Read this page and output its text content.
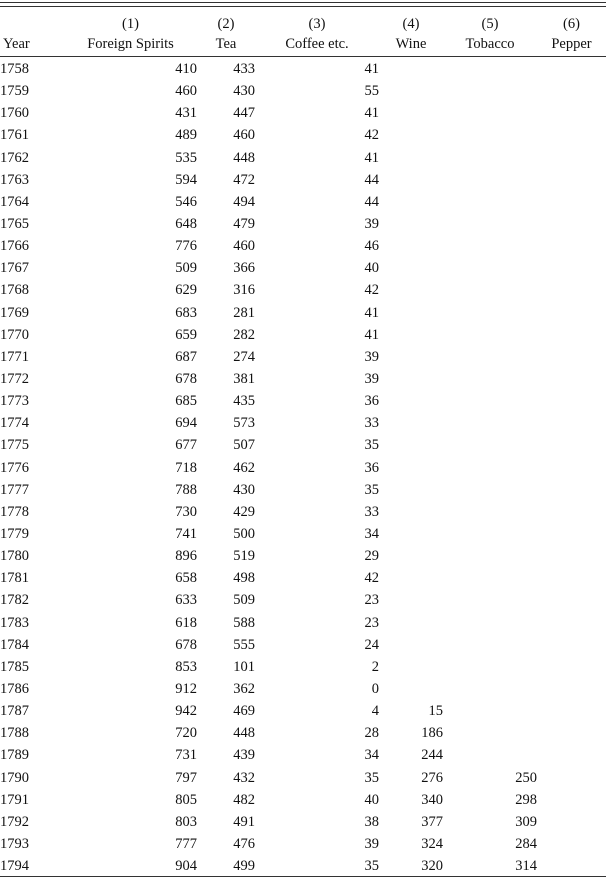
	(1)	(2)	(3)	(4)	(5)	(6)
Year	Foreign Spirits	Tea	Coffee etc.	Wine	Tobacco	Pepper
1758	410	433	41			
1759	460	430	55			
1760	431	447	41			
1761	489	460	42			
1762	535	448	41			
1763	594	472	44			
1764	546	494	44			
1765	648	479	39			
1766	776	460	46			
1767	509	366	40			
1768	629	316	42			
1769	683	281	41			
1770	659	282	41			
1771	687	274	39			
1772	678	381	39			
1773	685	435	36			
1774	694	573	33			
1775	677	507	35			
1776	718	462	36			
1777	788	430	35			
1778	730	429	33			
1779	741	500	34			
1780	896	519	29			
1781	658	498	42			
1782	633	509	23			
1783	618	588	23			
1784	678	555	24			
1785	853	101	2			
1786	912	362	0			
1787	942	469	4	15		
1788	720	448	28	186		
1789	731	439	34	244		
1790	797	432	35	276	250	
1791	805	482	40	340	298	
1792	803	491	38	377	309	
1793	777	476	39	324	284	
1794	904	499	35	320	314	
